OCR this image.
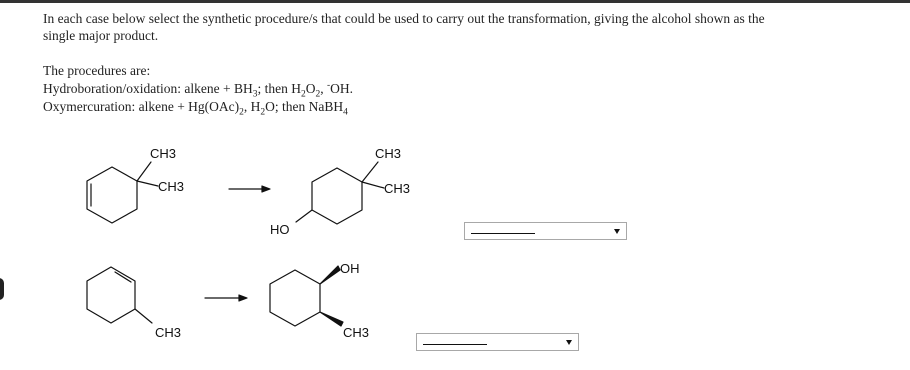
In each case below select the synthetic procedure/s that could be used to carry out the transformation, giving the alcohol shown as the
single major product.
The procedures are:
Hydroboration/oxidation: alkene + $BH_3$; then $H_2O_2$, -OH.
Oxymercuration: alkene + $Hg(OAc)_2$, $H_2O$; then NaBH$_4$
CH3
CH3
CH3
CH3
HO
CH3
OH
CH3
